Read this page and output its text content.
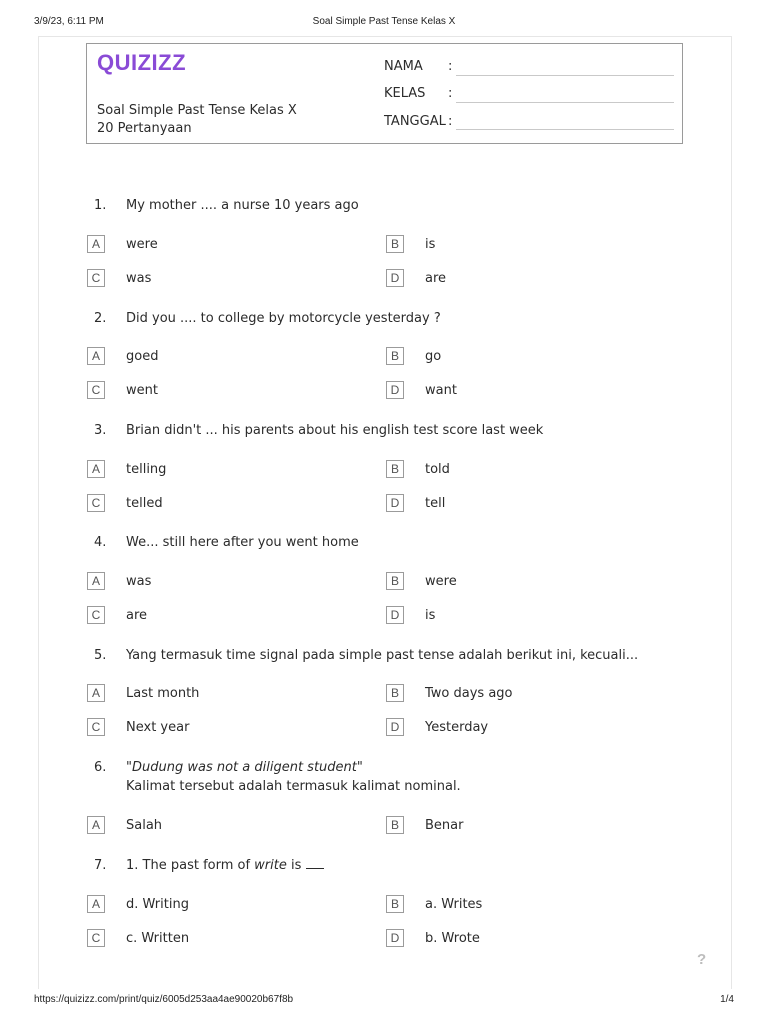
3/9/23, 6:11 PM	Soal Simple Past Tense Kelas X
QUIZIZZ
Soal Simple Past Tense Kelas X
20 Pertanyaan
NAMA :
KELAS :
TANGGAL :
1. My mother .... a nurse 10 years ago
A	were	B	is
C	was	D	are
2. Did you .... to college by motorcycle yesterday ?
A	goed	B	go
C	went	D	want
3. Brian didn't ... his parents about his english test score last week
A	telling	B	told
C	telled	D	tell
4. We... still here after you went home
A	was	B	were
C	are	D	is
5. Yang termasuk time signal pada simple past tense adalah berikut ini, kecuali...
A	Last month	B	Two days ago
C	Next year	D	Yesterday
6. "Dudung was not a diligent student"
Kalimat tersebut adalah termasuk kalimat nominal.
A	Salah	B	Benar
7. 1. The past form of write is
A	d. Writing	B	a. Writes
C	c. Written	D	b. Wrote
?
https://quizizz.com/print/quiz/6005d253aa4ae90020b67f8b	1/4
